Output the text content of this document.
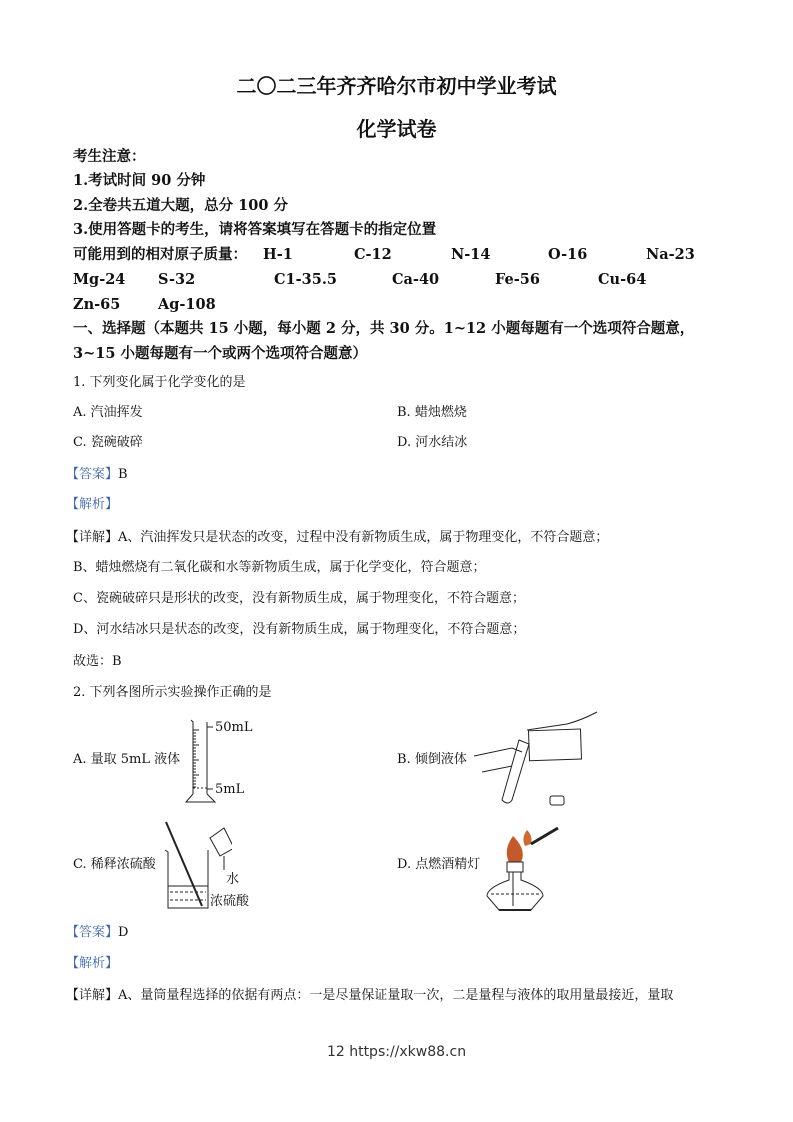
二〇二三年齐齐哈尔市初中学业考试
化学试卷
考生注意：
1.考试时间 90 分钟
2.全卷共五道大题，总分 100 分
3.使用答题卡的考生，请将答案填写在答题卡的指定位置
可能用到的相对原子质量： H-1	C-12	N-14	O-16	Na-23
Mg-24 S-32	C1-35.5	Ca-40	Fe-56	Cu-64
Zn-65	Ag-108
一、选择题（本题共 15 小题，每小题 2 分，共 30 分。1~12 小题每题有一个选项符合题意，
3~15 小题每题有一个或两个选项符合题意）
1. 下列变化属于化学变化的是
A. 汽油挥发	B. 蜡烛燃烧
C. 瓷碗破碎	D. 河水结冰
【答案】B
【解析】
【详解】A、汽油挥发只是状态的改变，过程中没有新物质生成，属于物理变化，不符合题意；
B、蜡烛燃烧有二氧化碳和水等新物质生成，属于化学变化，符合题意；
C、瓷碗破碎只是形状的改变，没有新物质生成，属于物理变化，不符合题意；
D、河水结冰只是状态的改变，没有新物质生成，属于物理变化，不符合题意；
故选：B
2. 下列各图所示实验操作正确的是
A. 量取 5mL 液体	B. 倾倒液体
C. 稀释浓硫酸	D. 点燃酒精灯
50mL
5mL
水
浓硫酸
【答案】D
【解析】
【详解】A、量筒量程选择的依据有两点：一是尽量保证量取一次，二是量程与液体的取用量最接近，量取
12 https://xkw88.cn
